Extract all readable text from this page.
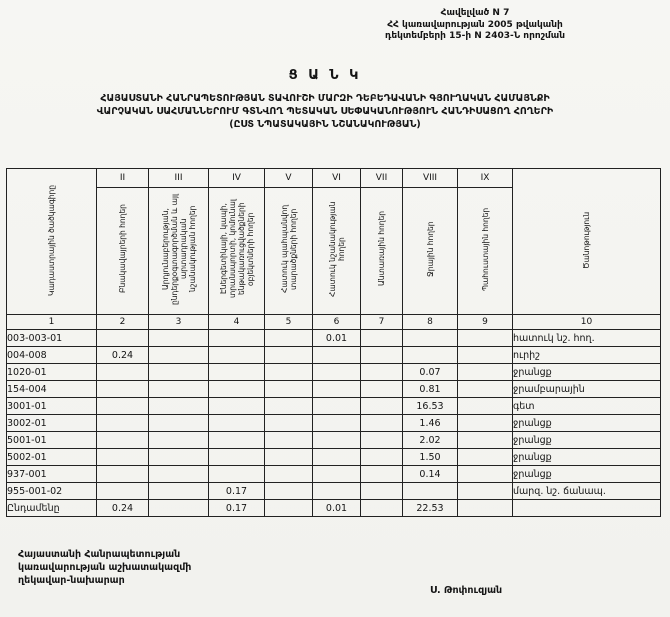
Հավելված N 7
ՀՀ կառավարության 2005 թվականի
դեկտեմբերի 15-ի N 2403-Ն որոշման
Ց Ա Ն Կ
ՀԱՅԱՍՏԱՆԻ ՀԱՆՐԱՊԵՏՈՒԹՅԱՆ ՏԱՎՈՒՇԻ ՄԱՐԶԻ ԴԵԲԵԴԱՎԱՆԻ ԳՅՈՒՂԱԿԱՆ ՀԱՄԱՅՆՔԻ
ՎԱՐՉԱԿԱՆ ՍԱՀՄԱՆՆԵՐՈՒՄ ԳՏՆՎՈՂ ՊԵՏԱԿԱՆ ՍԵՓԱԿԱՆՈՒԹՅՈՒՆ ՀԱՆԴԻՍԱՑՈՂ ՀՈՂԵՐԻ
(ԸՍՏ ՆՊԱՏԱԿԱՅԻՆ ՆՇԱՆԱԿՈՒԹՅԱՆ)
Կադաստրային ծածկագիրը	II	III	IV	V	VI	VII	VIII	IX	Ծանոթություն
	Բնակավայրերի հողեր	Արդյունաբերության, ընդերքօգտագործման և այլ արտադրական նշանակության հողեր	Էներգետիկայի, կապի, տրանսպորտի, կոմունալ ենթակառուցվածքների օբյեկտների հողեր	Հատուկ պահպանվող տարածքների հողեր	Հատուկ նշանակության հողեր	Անտառային հողեր	Ջրային հողեր	Պահուստային հողեր	
1	2	3	4	5	6	7	8	9	10
003-003-01					0.01				հատուկ նշ. հող.
004-008	0.24								ուրիշ
1020-01							0.07		ջրանցք
154-004							0.81		ջրամբարային
3001-01							16.53		գետ
3002-01							1.46		ջրանցք
5001-01							2.02		ջրանցք
5002-01							1.50		ջրանցք
937-001							0.14		ջրանցք
955-001-02			0.17						մարզ. նշ. ճանապ.
Ընդամենը	0.24		0.17		0.01		22.53		
Հայաստանի Հանրապետության
կառավարության աշխատակազմի
ղեկավար-նախարար
Ս. Թոփուզյան
